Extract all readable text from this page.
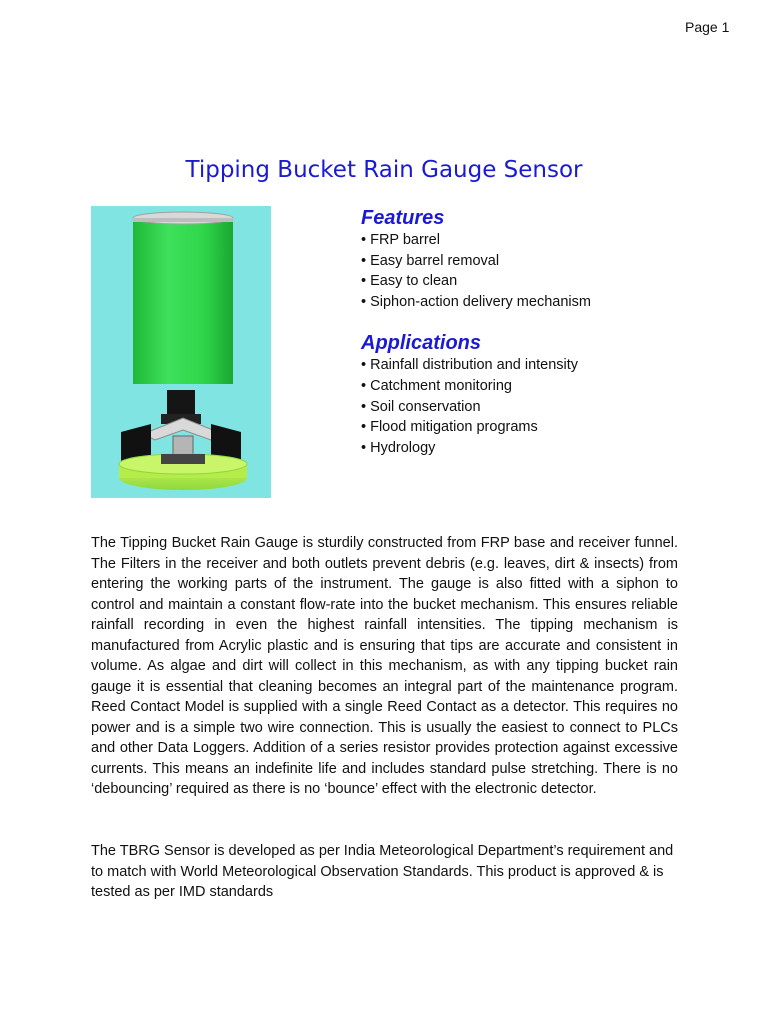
Page 1
Tipping Bucket Rain Gauge Sensor
Features
• FRP barrel
• Easy barrel removal
• Easy to clean
• Siphon-action delivery mechanism
Applications
• Rainfall distribution and intensity
• Catchment monitoring
• Soil conservation
• Flood mitigation programs
• Hydrology

The Tipping Bucket Rain Gauge is sturdily constructed from FRP base and receiver funnel. The Filters in the receiver and both outlets prevent debris (e.g. leaves, dirt & insects) from entering the working parts of the instrument. The gauge is also fitted with a siphon to control and maintain a constant flow-rate into the bucket mechanism. This ensures reliable rainfall recording in even the highest rainfall intensities. The tipping mechanism is manufactured from Acrylic plastic and is ensuring that tips are accurate and consistent in volume. As algae and dirt will collect in this mechanism, as with any tipping bucket rain gauge it is essential that cleaning becomes an integral part of the maintenance program. Reed Contact Model is supplied with a single Reed Contact as a detector. This requires no power and is a simple two wire connection. This is usually the easiest to connect to PLCs and other Data Loggers. Addition of a series resistor provides protection against excessive currents. This means an indefinite life and includes standard pulse stretching. There is no ‘debouncing’ required as there is no ‘bounce’ effect with the electronic detector.

The TBRG Sensor is developed as per India Meteorological Department’s requirement and to match with World Meteorological Observation Standards. This product is approved & is tested as per IMD standards
